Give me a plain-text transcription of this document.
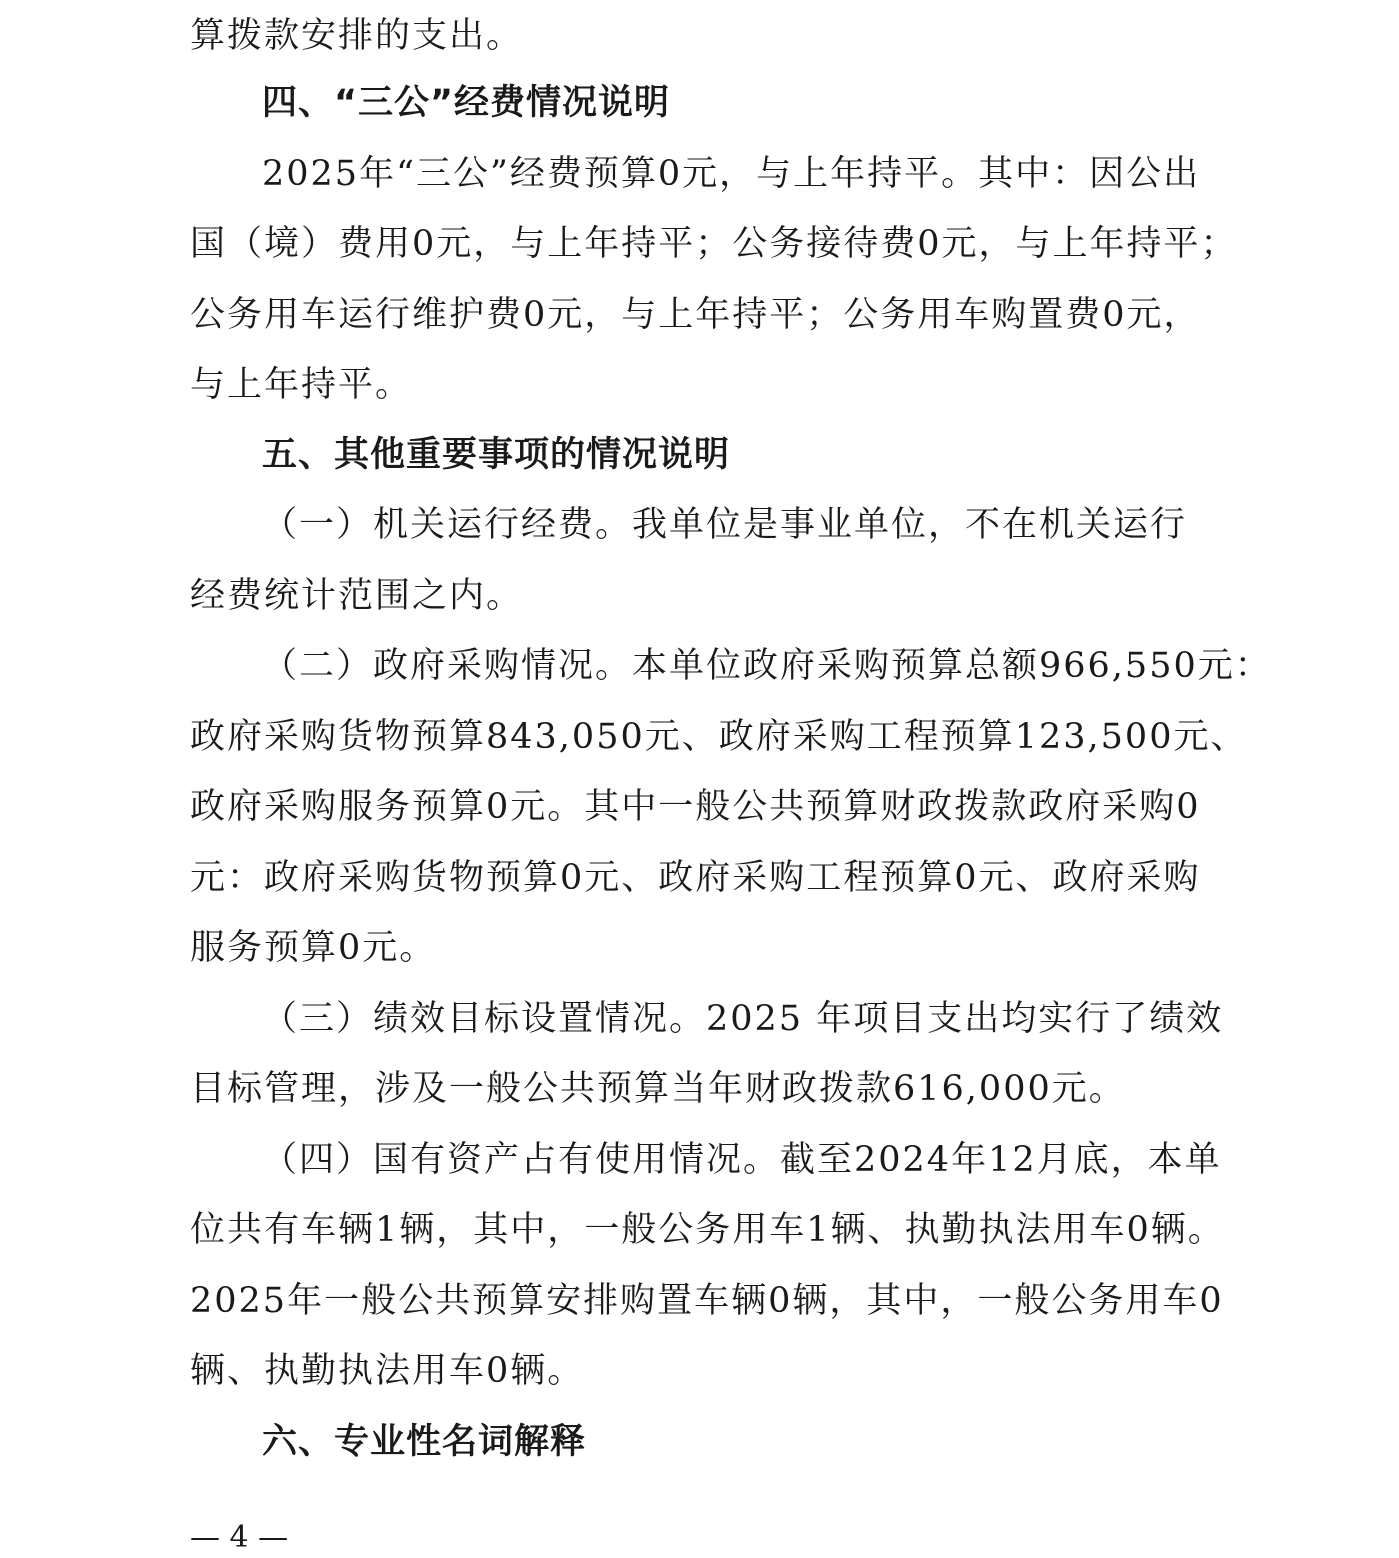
算拨款安排的支出。
四、“三公”经费情况说明
2025年“三公”经费预算0元，与上年持平。其中：因公出
国（境）费用0元，与上年持平；公务接待费0元，与上年持平；
公务用车运行维护费0元，与上年持平；公务用车购置费0元，
与上年持平。
五、其他重要事项的情况说明
（一）机关运行经费。我单位是事业单位，不在机关运行
经费统计范围之内。
（二）政府采购情况。本单位政府采购预算总额966,550元：
政府采购货物预算843,050元、政府采购工程预算123,500元、
政府采购服务预算0元。其中一般公共预算财政拨款政府采购0
元：政府采购货物预算0元、政府采购工程预算0元、政府采购
服务预算0元。
（三）绩效目标设置情况。2025 年项目支出均实行了绩效
目标管理，涉及一般公共预算当年财政拨款616,000元。
（四）国有资产占有使用情况。截至2024年12月底，本单
位共有车辆1辆，其中，一般公务用车1辆、执勤执法用车0辆。
2025年一般公共预算安排购置车辆0辆，其中，一般公务用车0
辆、执勤执法用车0辆。
六、专业性名词解释
— 4 —
